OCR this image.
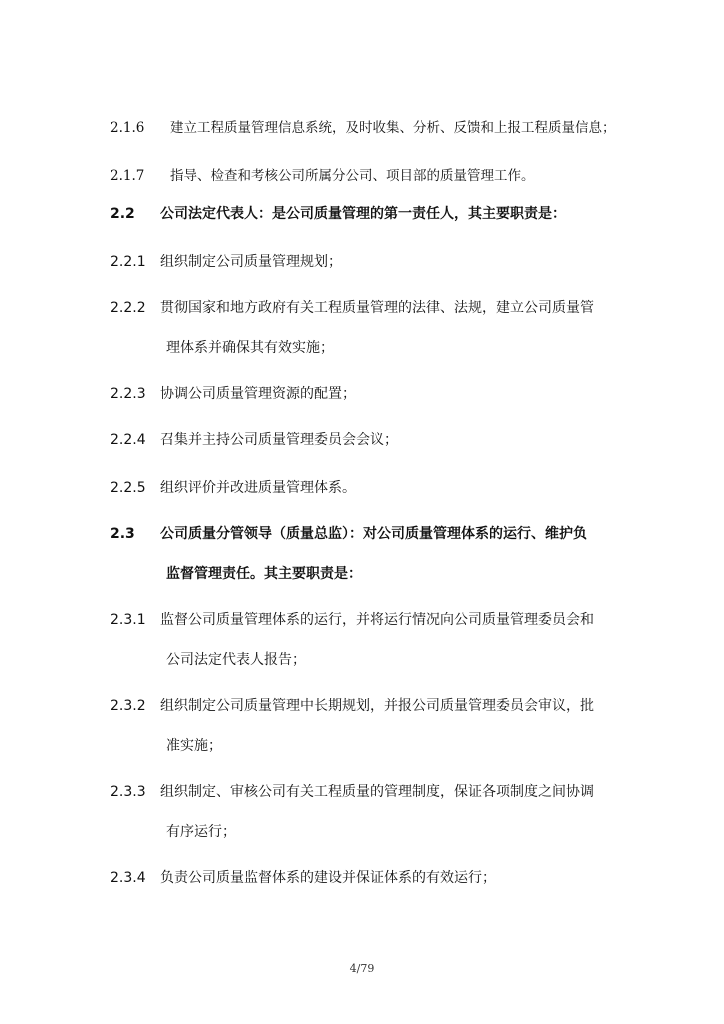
2.1.6 建立工程质量管理信息系统，及时收集、分析、反馈和上报工程质量信息；
2.1.7 指导、检查和考核公司所属分公司、项目部的质量管理工作。
2.2 公司法定代表人：是公司质量管理的第一责任人，其主要职责是：
2.2.1 组织制定公司质量管理规划；
2.2.2 贯彻国家和地方政府有关工程质量管理的法律、法规，建立公司质量管
理体系并确保其有效实施；
2.2.3 协调公司质量管理资源的配置；
2.2.4 召集并主持公司质量管理委员会会议；
2.2.5 组织评价并改进质量管理体系。
2.3 公司质量分管领导（质量总监）：对公司质量管理体系的运行、维护负
监督管理责任。其主要职责是：
2.3.1 监督公司质量管理体系的运行，并将运行情况向公司质量管理委员会和
公司法定代表人报告；
2.3.2 组织制定公司质量管理中长期规划，并报公司质量管理委员会审议，批
准实施；
2.3.3 组织制定、审核公司有关工程质量的管理制度，保证各项制度之间协调
有序运行；
2.3.4 负责公司质量监督体系的建设并保证体系的有效运行；
4/79
